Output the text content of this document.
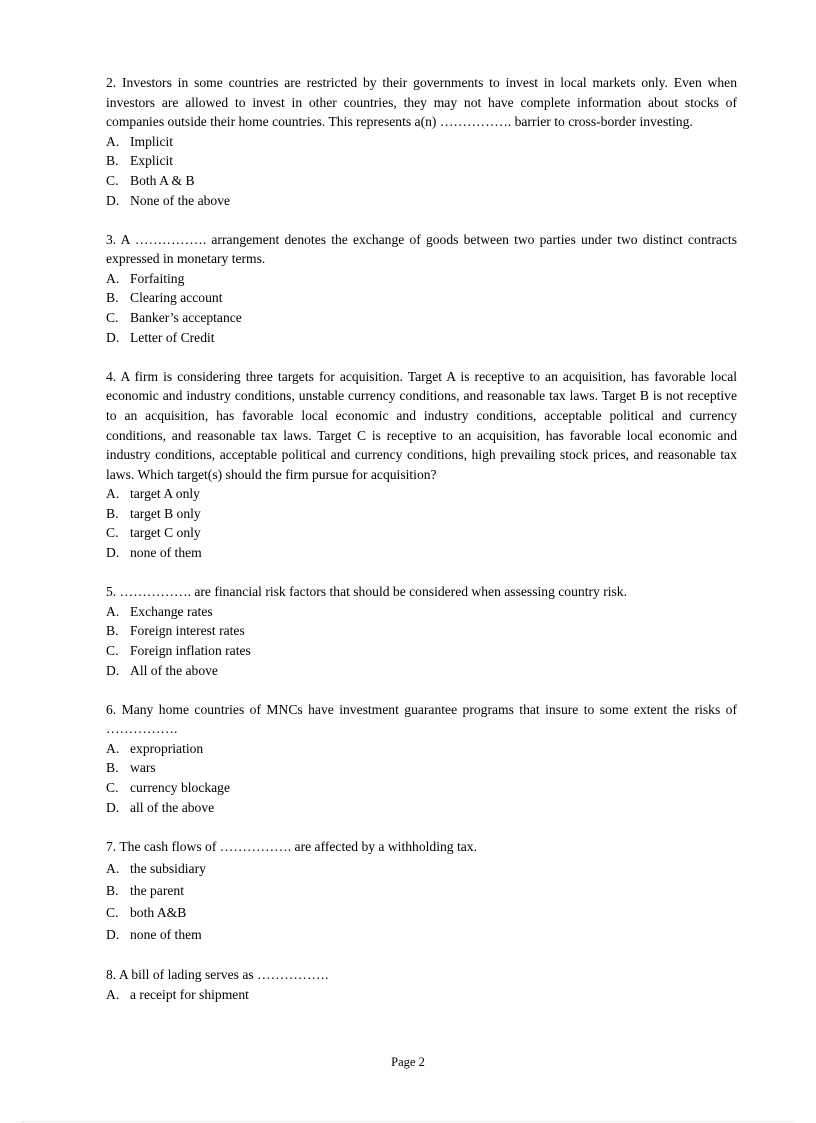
2. Investors in some countries are restricted by their governments to invest in local markets only. Even when investors are allowed to invest in other countries, they may not have complete information about stocks of companies outside their home countries. This represents a(n) ……………. barrier to cross-border investing.

A. Implicit
B. Explicit
C. Both A & B
D. None of the above

3. A ……………. arrangement denotes the exchange of goods between two parties under two distinct contracts expressed in monetary terms.

A. Forfaiting
B. Clearing account
C. Banker’s acceptance
D. Letter of Credit

4. A firm is considering three targets for acquisition. Target A is receptive to an acquisition, has favorable local economic and industry conditions, unstable currency conditions, and reasonable tax laws. Target B is not receptive to an acquisition, has favorable local economic and industry conditions, acceptable political and currency conditions, and reasonable tax laws. Target C is receptive to an acquisition, has favorable local economic and industry conditions, acceptable political and currency conditions, high prevailing stock prices, and reasonable tax laws. Which target(s) should the firm pursue for acquisition?

A. target A only
B. target B only
C. target C only
D. none of them

5. ……………. are financial risk factors that should be considered when assessing country risk.

A. Exchange rates
B. Foreign interest rates
C. Foreign inflation rates
D. All of the above

6. Many home countries of MNCs have investment guarantee programs that insure to some extent the risks of …………….

A. expropriation
B. wars
C. currency blockage
D. all of the above

7. The cash flows of ……………. are affected by a withholding tax.

A. the subsidiary
B. the parent
C. both A&B
D. none of them

8. A bill of lading serves as …………….

A. a receipt for shipment
Page 2
